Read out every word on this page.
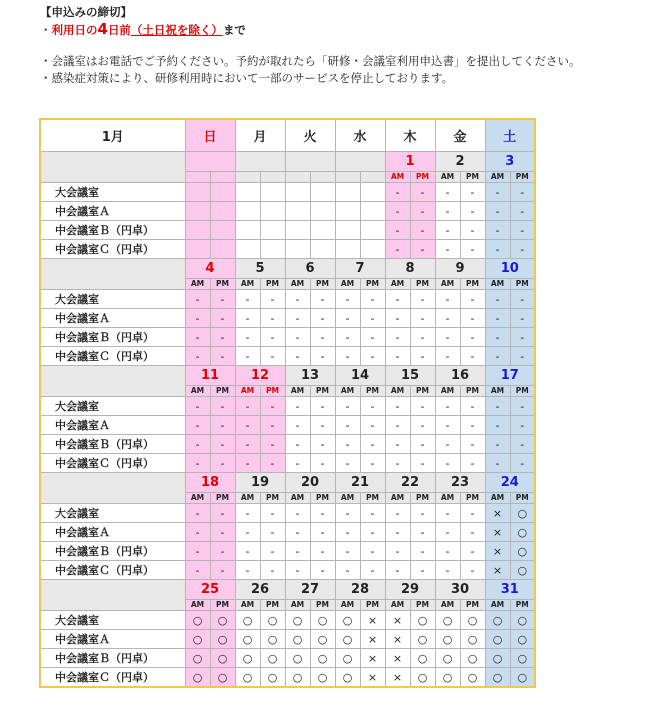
【申込みの締切】
・利用日の4日前（土日祝を除く）まで
・会議室はお電話でご予約ください。予約が取れたら「研修・会議室利用申込書」を提出してください。
・感染症対策により、研修利用時において一部のサービスを停止しております。
1月	日		月		火		水		木		金		土	
									1		2		3	
									AM	PM	AM	PM	AM	PM
大会議室									-	-	-	-	-	-
中会議室Ａ									-	-	-	-	-	-
中会議室Ｂ（円卓）									-	-	-	-	-	-
中会議室Ｃ（円卓）									-	-	-	-	-	-
	4		5		6		7		8		9		10	
	AM	PM	AM	PM	AM	PM	AM	PM	AM	PM	AM	PM	AM	PM
大会議室	-	-	-	-	-	-	-	-	-	-	-	-	-	-
中会議室Ａ	-	-	-	-	-	-	-	-	-	-	-	-	-	-
中会議室Ｂ（円卓）	-	-	-	-	-	-	-	-	-	-	-	-	-	-
中会議室Ｃ（円卓）	-	-	-	-	-	-	-	-	-	-	-	-	-	-
	11		12		13		14		15		16		17	
	AM	PM	AM	PM	AM	PM	AM	PM	AM	PM	AM	PM	AM	PM
大会議室	-	-	-	-	-	-	-	-	-	-	-	-	-	-
中会議室Ａ	-	-	-	-	-	-	-	-	-	-	-	-	-	-
中会議室Ｂ（円卓）	-	-	-	-	-	-	-	-	-	-	-	-	-	-
中会議室Ｃ（円卓）	-	-	-	-	-	-	-	-	-	-	-	-	-	-
	18		19		20		21		22		23		24	
	AM	PM	AM	PM	AM	PM	AM	PM	AM	PM	AM	PM	AM	PM
大会議室	-	-	-	-	-	-	-	-	-	-	-	-	×	○
中会議室Ａ	-	-	-	-	-	-	-	-	-	-	-	-	×	○
中会議室Ｂ（円卓）	-	-	-	-	-	-	-	-	-	-	-	-	×	○
中会議室Ｃ（円卓）	-	-	-	-	-	-	-	-	-	-	-	-	×	○
	25		26		27		28		29		30		31	
	AM	PM	AM	PM	AM	PM	AM	PM	AM	PM	AM	PM	AM	PM
大会議室	○	○	○	○	○	○	○	×	×	○	○	○	○	○
中会議室Ａ	○	○	○	○	○	○	○	×	×	○	○	○	○	○
中会議室Ｂ（円卓）	○	○	○	○	○	○	○	×	×	○	○	○	○	○
中会議室Ｃ（円卓）	○	○	○	○	○	○	○	×	×	○	○	○	○	○
